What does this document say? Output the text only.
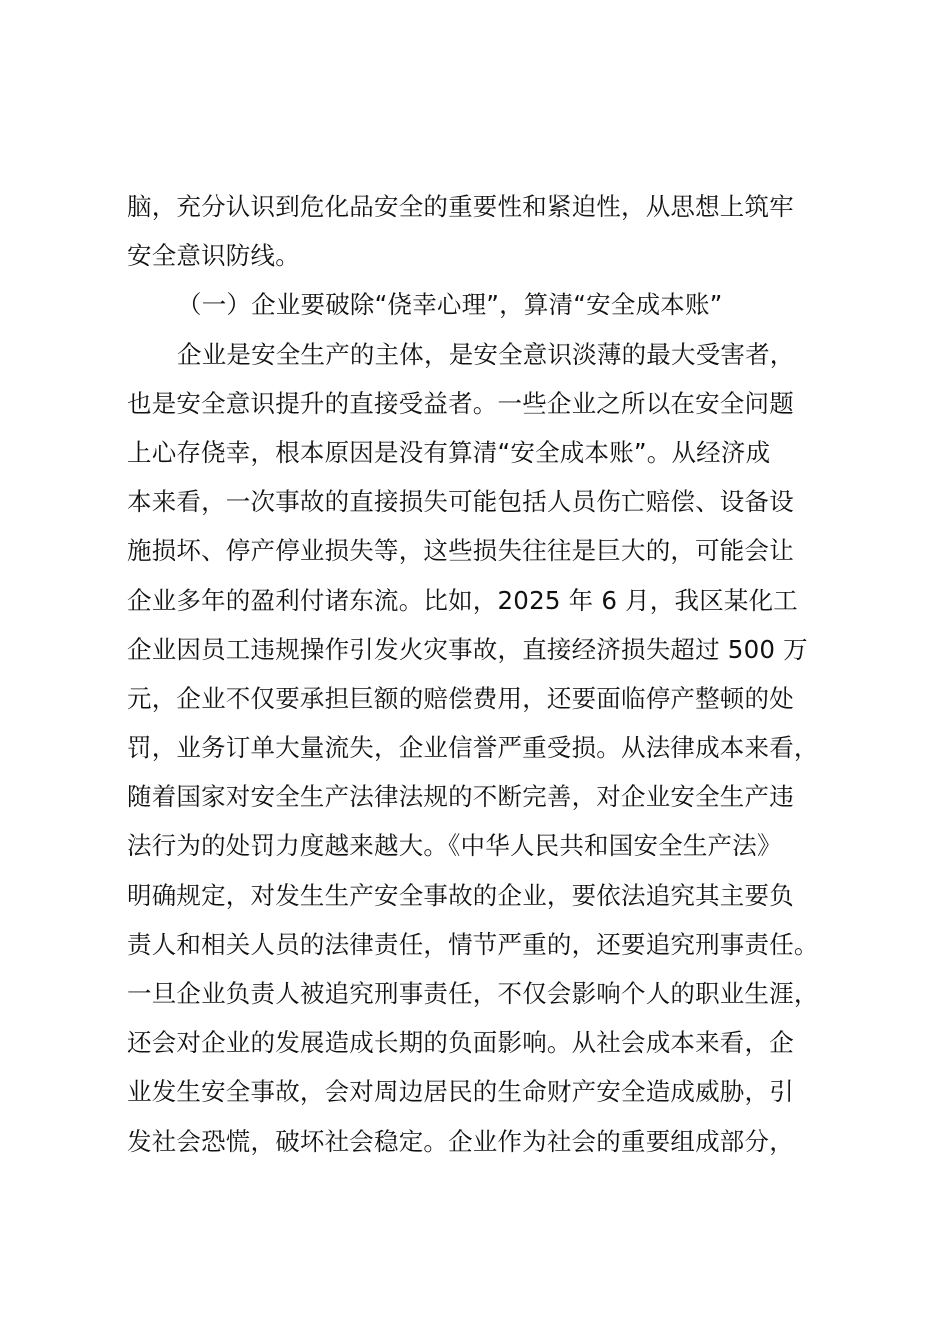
脑，充分认识到危化品安全的重要性和紧迫性，从思想上筑牢
安全意识防线。
（一）企业要破除“侥幸心理”，算清“安全成本账”
企业是安全生产的主体，是安全意识淡薄的最大受害者，
也是安全意识提升的直接受益者。一些企业之所以在安全问题
上心存侥幸，根本原因是没有算清“安全成本账”。从经济成
本来看，一次事故的直接损失可能包括人员伤亡赔偿、设备设
施损坏、停产停业损失等，这些损失往往是巨大的，可能会让
企业多年的盈利付诸东流。比如，2025 年 6 月，我区某化工
企业因员工违规操作引发火灾事故，直接经济损失超过 500 万
元，企业不仅要承担巨额的赔偿费用，还要面临停产整顿的处
罚，业务订单大量流失，企业信誉严重受损。从法律成本来看，
随着国家对安全生产法律法规的不断完善，对企业安全生产违
法行为的处罚力度越来越大。《中华人民共和国安全生产法》
明确规定，对发生生产安全事故的企业，要依法追究其主要负
责人和相关人员的法律责任，情节严重的，还要追究刑事责任。
一旦企业负责人被追究刑事责任，不仅会影响个人的职业生涯，
还会对企业的发展造成长期的负面影响。从社会成本来看，企
业发生安全事故，会对周边居民的生命财产安全造成威胁，引
发社会恐慌，破坏社会稳定。企业作为社会的重要组成部分，
